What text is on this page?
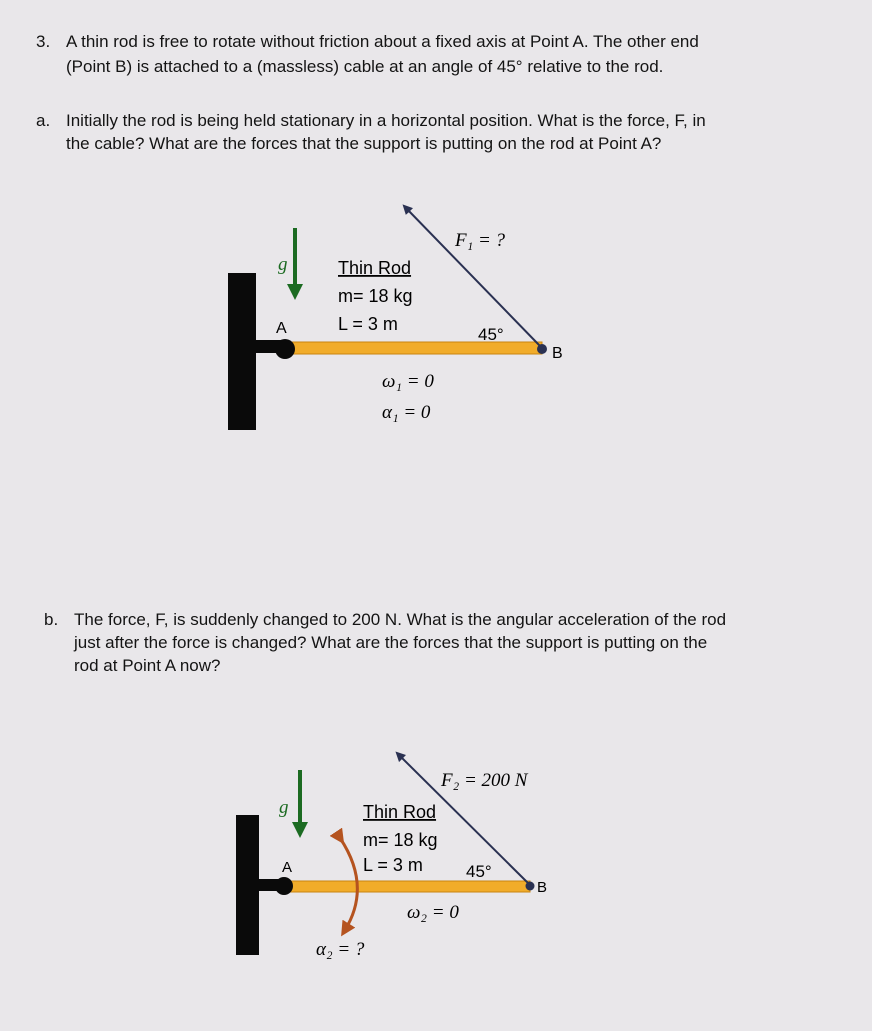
3. A thin rod is free to rotate without friction about a fixed axis at Point A. The other end
(Point B) is attached to a (massless) cable at an angle of 45° relative to the rod.
a. Initially the rod is being held stationary in a horizontal position. What is the force, F, in
the cable? What are the forces that the support is putting on the rod at Point A?
g
A
B
Thin Rod
m= 18 kg
L = 3 m
45°
F₁ = ?
ω₁ = 0
α₁ = 0
b. The force, F, is suddenly changed to 200 N. What is the angular acceleration of the rod
just after the force is changed? What are the forces that the support is putting on the
rod at Point A now?
g
A
B
Thin Rod
m= 18 kg
L = 3 m	45°
F₂ = 200 N
ω₂ = 0
α₂ = ?
